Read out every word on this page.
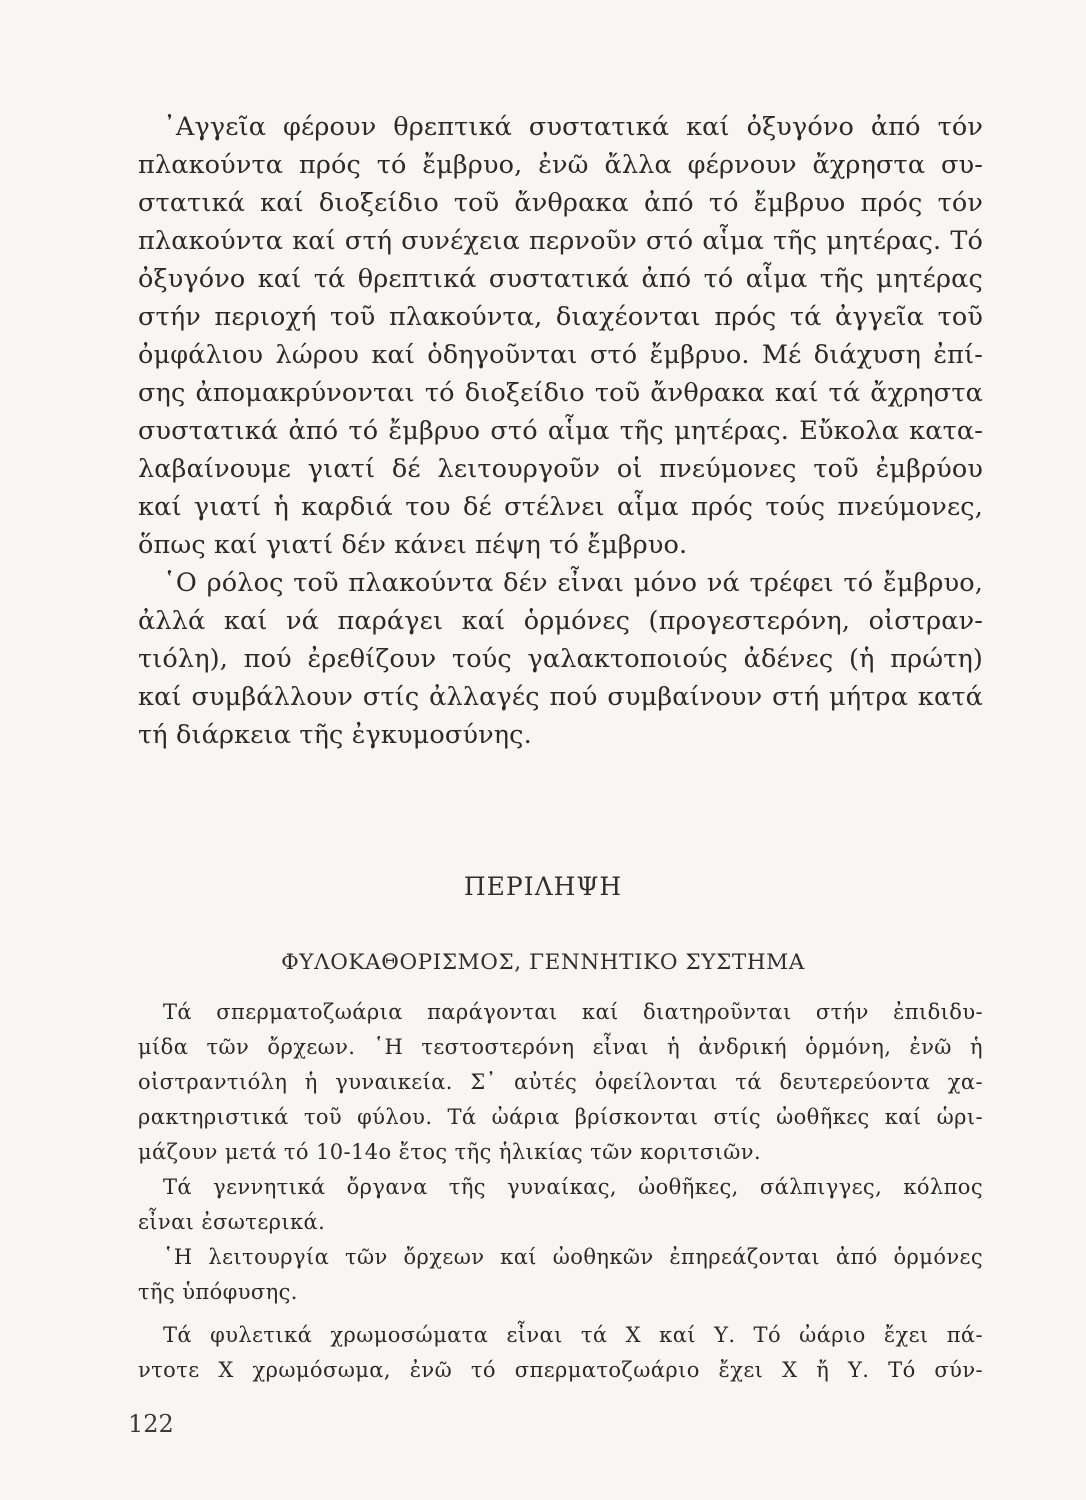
᾿Αγγεῖα φέρουν θρεπτικά συστατικά καί ὀξυγόνο ἀπό τόν
πλακούντα πρός τό ἔμβρυο, ἐνῶ ἄλλα φέρνουν ἄχρηστα συ-
στατικά καί διοξείδιο τοῦ ἄνθρακα ἀπό τό ἔμβρυο πρός τόν
πλακούντα καί στή συνέχεια περνοῦν στό αἷμα τῆς μητέρας. Τό
ὀξυγόνο καί τά θρεπτικά συστατικά ἀπό τό αἷμα τῆς μητέρας
στήν περιοχή τοῦ πλακούντα, διαχέονται πρός τά ἀγγεῖα τοῦ
ὀμφάλιου λώρου καί ὁδηγοῦνται στό ἔμβρυο. Μέ διάχυση ἐπί-
σης ἀπομακρύνονται τό διοξείδιο τοῦ ἄνθρακα καί τά ἄχρηστα
συστατικά ἀπό τό ἔμβρυο στό αἷμα τῆς μητέρας. Εὔκολα κατα-
λαβαίνουμε γιατί δέ λειτουργοῦν οἱ πνεύμονες τοῦ ἐμβρύου
καί γιατί ἡ καρδιά του δέ στέλνει αἷμα πρός τούς πνεύμονες,
ὅπως καί γιατί δέν κάνει πέψη τό ἔμβρυο.
῾Ο ρόλος τοῦ πλακούντα δέν εἶναι μόνο νά τρέφει τό ἔμβρυο,
ἀλλά καί νά παράγει καί ὁρμόνες (προγεστερόνη, οἰστραν-
τιόλη), πού ἐρεθίζουν τούς γαλακτοποιούς ἀδένες (ἡ πρώτη)
καί συμβάλλουν στίς ἀλλαγές πού συμβαίνουν στή μήτρα κατά
τή διάρκεια τῆς ἐγκυμοσύνης.
ΠΕΡΙΛΗΨΗ
ΦΥΛΟΚΑΘΟΡΙΣΜΟΣ, ΓΕΝΝΗΤΙΚΟ ΣΥΣΤΗΜΑ
Τά σπερματοζωάρια παράγονται καί διατηροῦνται στήν ἐπιδιδυ-
μίδα τῶν ὄρχεων. ῾Η τεστοστερόνη εἶναι ἡ ἀνδρική ὁρμόνη, ἐνῶ ἡ
οἰστραντιόλη ἡ γυναικεία. Σ᾿ αὐτές ὀφείλονται τά δευτερεύοντα χα-
ρακτηριστικά τοῦ φύλου. Τά ὠάρια βρίσκονται στίς ὠοθῆκες καί ὡρι-
μάζουν μετά τό 10-14ο ἔτος τῆς ἡλικίας τῶν κοριτσιῶν.
Τά γεννητικά ὄργανα τῆς γυναίκας, ὠοθῆκες, σάλπιγγες, κόλπος
εἶναι ἐσωτερικά.
῾Η λειτουργία τῶν ὄρχεων καί ὠοθηκῶν ἐπηρεάζονται ἀπό ὁρμόνες
τῆς ὑπόφυσης.
Τά φυλετικά χρωμοσώματα εἶναι τά Χ καί Υ. Τό ὠάριο ἔχει πά-
ντοτε Χ χρωμόσωμα, ἐνῶ τό σπερματοζωάριο ἔχει Χ ἤ Υ. Τό σύν-
122
